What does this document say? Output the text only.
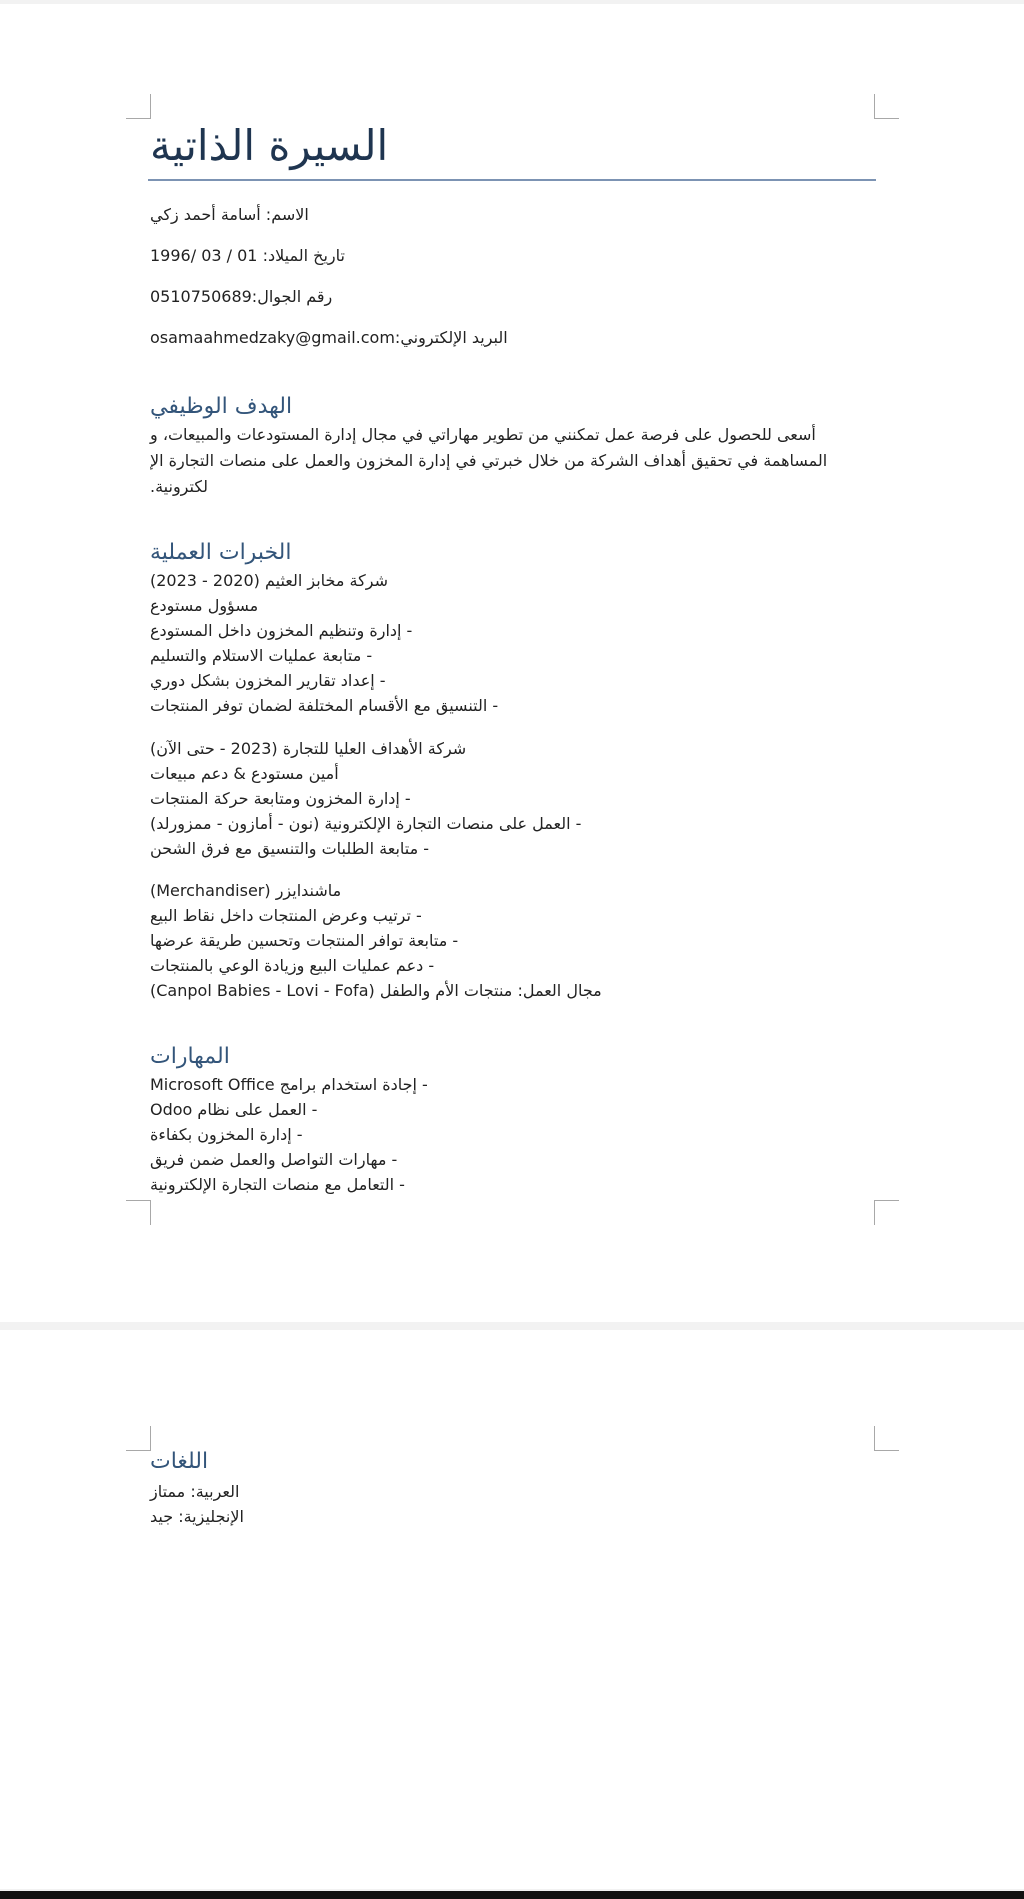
السيرة الذاتية
الاسم: أسامة أحمد زكي
تاريخ الميلاد: 01 / 03 /1996
رقم الجوال:0510750689
البريد الإلكتروني:osamaahmedzaky@gmail.com
الهدف الوظيفي
أسعى للحصول على فرصة عمل تمكنني من تطوير مهاراتي في مجال إدارة المستودعات والمبيعات، و
المساهمة في تحقيق أهداف الشركة من خلال خبرتي في إدارة المخزون والعمل على منصات التجارة الإ
لكترونية.
الخبرات العملية
شركة مخابز العثيم (2020 - 2023)
مسؤول مستودع
- إدارة وتنظيم المخزون داخل المستودع
- متابعة عمليات الاستلام والتسليم
- إعداد تقارير المخزون بشكل دوري
- التنسيق مع الأقسام المختلفة لضمان توفر المنتجات
شركة الأهداف العليا للتجارة (2023 - حتى الآن)
أمين مستودع & دعم مبيعات
- إدارة المخزون ومتابعة حركة المنتجات
- العمل على منصات التجارة الإلكترونية (نون - أمازون - ممزورلد)
- متابعة الطلبات والتنسيق مع فرق الشحن
ماشندايزر (Merchandiser)
- ترتيب وعرض المنتجات داخل نقاط البيع
- متابعة توافر المنتجات وتحسين طريقة عرضها
- دعم عمليات البيع وزيادة الوعي بالمنتجات
مجال العمل: منتجات الأم والطفل (Canpol Babies - Lovi - Fofa)
المهارات
- إجادة استخدام برامج Microsoft Office
- العمل على نظام Odoo
- إدارة المخزون بكفاءة
- مهارات التواصل والعمل ضمن فريق
- التعامل مع منصات التجارة الإلكترونية
اللغات
العربية: ممتاز
الإنجليزية: جيد
